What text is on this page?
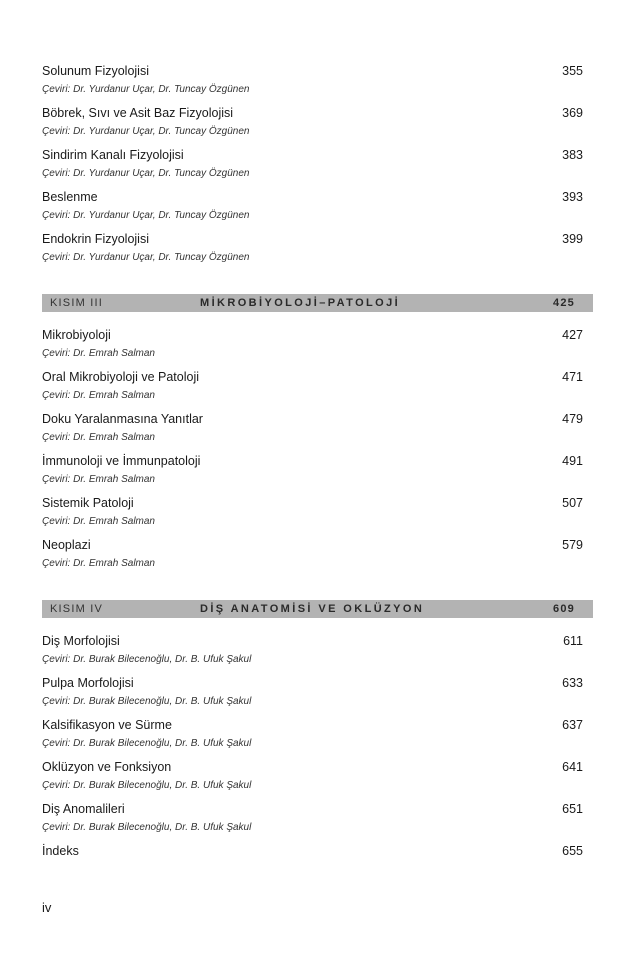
Solunum Fizyolojisi	355
Çeviri: Dr. Yurdanur Uçar, Dr. Tuncay Özgünen
Böbrek, Sıvı ve Asit Baz Fizyolojisi	369
Çeviri: Dr. Yurdanur Uçar, Dr. Tuncay Özgünen
Sindirim Kanalı Fizyolojisi	383
Çeviri: Dr. Yurdanur Uçar, Dr. Tuncay Özgünen
Beslenme	393
Çeviri: Dr. Yurdanur Uçar, Dr. Tuncay Özgünen
Endokrin Fizyolojisi	399
Çeviri: Dr. Yurdanur Uçar, Dr. Tuncay Özgünen
KISIM III	MİKROBİYOLOJİ–PATOLOJİ	425
Mikrobiyoloji	427
Çeviri: Dr. Emrah Salman
Oral Mikrobiyoloji ve Patoloji	471
Çeviri: Dr. Emrah Salman
Doku Yaralanmasına Yanıtlar	479
Çeviri: Dr. Emrah Salman
İmmunoloji ve İmmunpatoloji	491
Çeviri: Dr. Emrah Salman
Sistemik Patoloji	507
Çeviri: Dr. Emrah Salman
Neoplazi	579
Çeviri: Dr. Emrah Salman
KISIM IV	DİŞ ANATOMİSİ VE OKLÜZYON	609
Diş Morfolojisi	611
Çeviri: Dr. Burak Bilecenoğlu, Dr. B. Ufuk Şakul
Pulpa Morfolojisi	633
Çeviri: Dr. Burak Bilecenoğlu, Dr. B. Ufuk Şakul
Kalsifikasyon ve Sürme	637
Çeviri: Dr. Burak Bilecenoğlu, Dr. B. Ufuk Şakul
Oklüzyon ve Fonksiyon	641
Çeviri: Dr. Burak Bilecenoğlu, Dr. B. Ufuk Şakul
Diş Anomalileri	651
Çeviri: Dr. Burak Bilecenoğlu, Dr. B. Ufuk Şakul
İndeks	655
iv
